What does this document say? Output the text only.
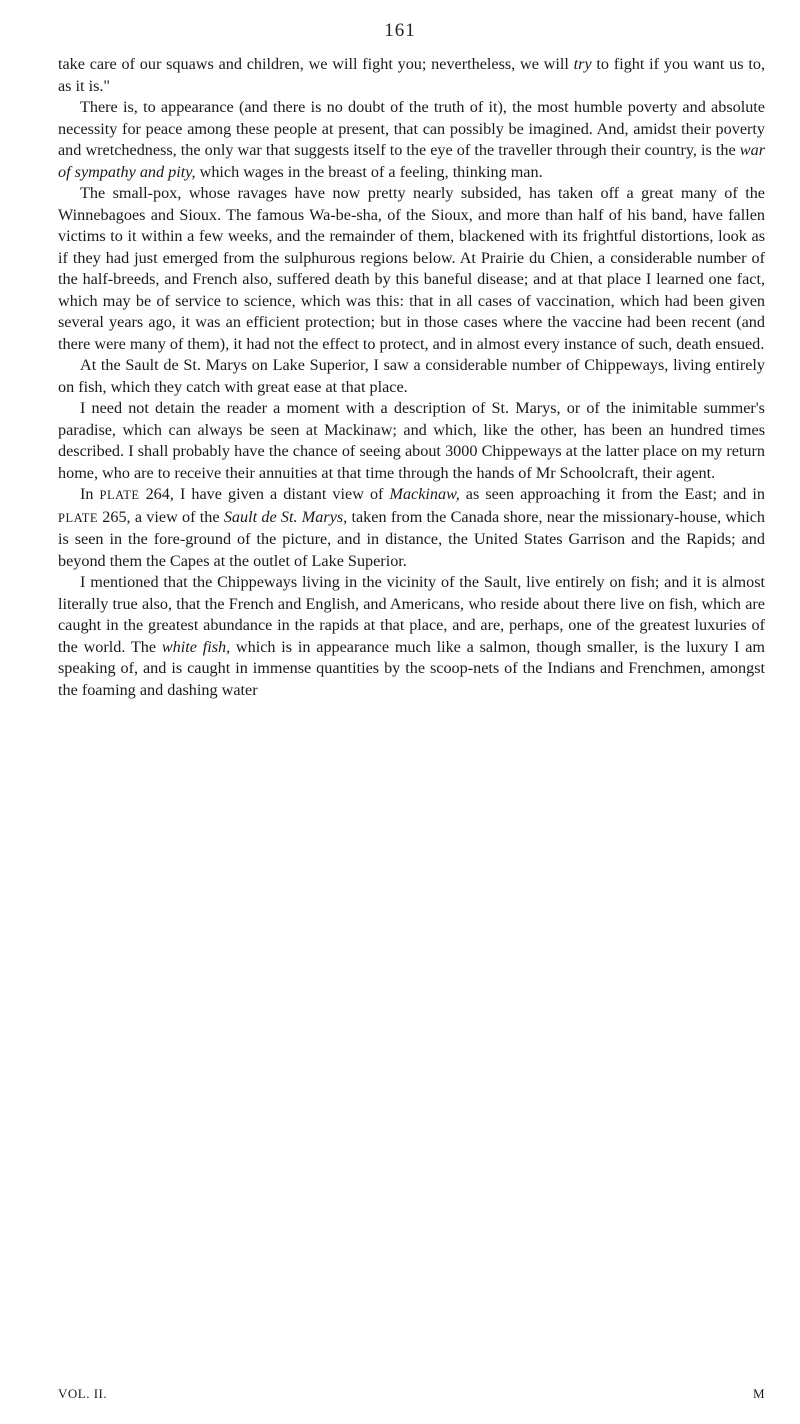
161

take care of our squaws and children, we will fight you; nevertheless, we will try to fight if you want us to, as it is."

There is, to appearance (and there is no doubt of the truth of it), the most humble poverty and absolute necessity for peace among these people at present, that can possibly be imagined. And, amidst their poverty and wretchedness, the only war that suggests itself to the eye of the traveller through their country, is the war of sympathy and pity, which wages in the breast of a feeling, thinking man.

The small-pox, whose ravages have now pretty nearly subsided, has taken off a great many of the Winnebagoes and Sioux. The famous Wa-be-sha, of the Sioux, and more than half of his band, have fallen victims to it within a few weeks, and the remainder of them, blackened with its frightful distortions, look as if they had just emerged from the sulphurous regions below. At Prairie du Chien, a considerable number of the half-breeds, and French also, suffered death by this baneful disease; and at that place I learned one fact, which may be of service to science, which was this: that in all cases of vaccination, which had been given several years ago, it was an efficient protection; but in those cases where the vaccine had been recent (and there were many of them), it had not the effect to protect, and in almost every instance of such, death ensued.

At the Sault de St. Marys on Lake Superior, I saw a considerable number of Chippeways, living entirely on fish, which they catch with great ease at that place.

I need not detain the reader a moment with a description of St. Marys, or of the inimitable summer's paradise, which can always be seen at Mackinaw; and which, like the other, has been an hundred times described. I shall probably have the chance of seeing about 3000 Chippeways at the latter place on my return home, who are to receive their annuities at that time through the hands of Mr Schoolcraft, their agent.

In PLATE 264, I have given a distant view of Mackinaw, as seen approaching it from the East; and in PLATE 265, a view of the Sault de St. Marys, taken from the Canada shore, near the missionary-house, which is seen in the fore-ground of the picture, and in distance, the United States Garrison and the Rapids; and beyond them the Capes at the outlet of Lake Superior.

I mentioned that the Chippeways living in the vicinity of the Sault, live entirely on fish; and it is almost literally true also, that the French and English, and Americans, who reside about there live on fish, which are caught in the greatest abundance in the rapids at that place, and are, perhaps, one of the greatest luxuries of the world. The white fish, which is in appearance much like a salmon, though smaller, is the luxury I am speaking of, and is caught in immense quantities by the scoop-nets of the Indians and Frenchmen, amongst the foaming and dashing water

VOL. II.	M
